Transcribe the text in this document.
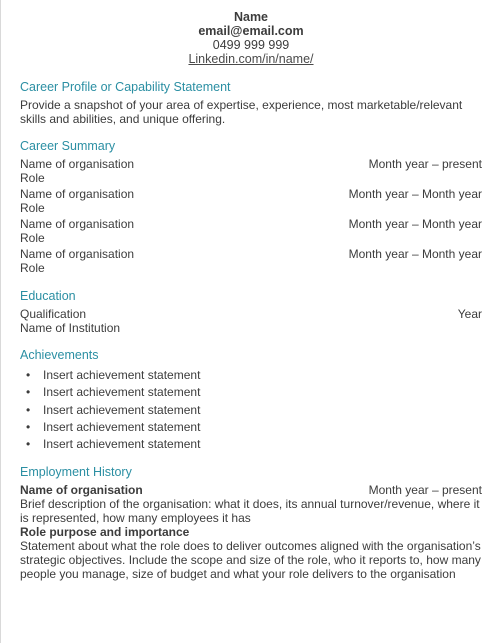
Name
email@email.com
0499 999 999
Linkedin.com/in/name/
Career Profile or Capability Statement
Provide a snapshot of your area of expertise, experience, most marketable/relevant skills and abilities, and unique offering.
Career Summary
Name of organisation	Month year – present
Role
Name of organisation	Month year – Month year
Role
Name of organisation	Month year – Month year
Role
Name of organisation	Month year – Month year
Role
Education
Qualification	Year
Name of Institution
Achievements
•	Insert achievement statement
•	Insert achievement statement
•	Insert achievement statement
•	Insert achievement statement
•	Insert achievement statement
Employment History
Name of organisation	Month year – present
Brief description of the organisation: what it does, its annual turnover/revenue, where it is represented, how many employees it has
Role purpose and importance
Statement about what the role does to deliver outcomes aligned with the organisation’s strategic objectives. Include the scope and size of the role, who it reports to, how many people you manage, size of budget and what your role delivers to the organisation
